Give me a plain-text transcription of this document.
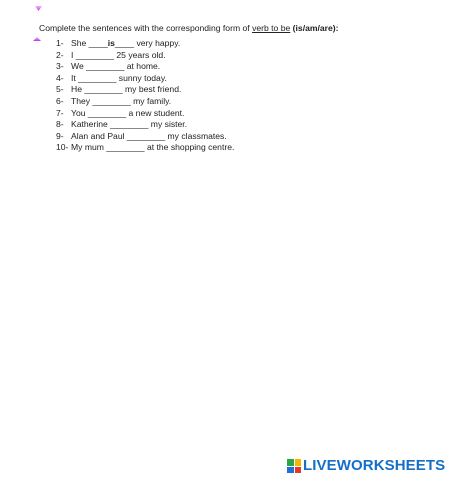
Complete the sentences with the corresponding form of verb to be (is/am/are):

1- She ____is____ very happy.
2- I ________ 25 years old.
3- We ________ at home.
4- It ________ sunny today.
5- He ________ my best friend.
6- They ________ my family.
7- You ________ a new student.
8- Katherine ________ my sister.
9- Alan and Paul ________ my classmates.
10- My mum ________ at the shopping centre.
LIVEWORKSHEETS
